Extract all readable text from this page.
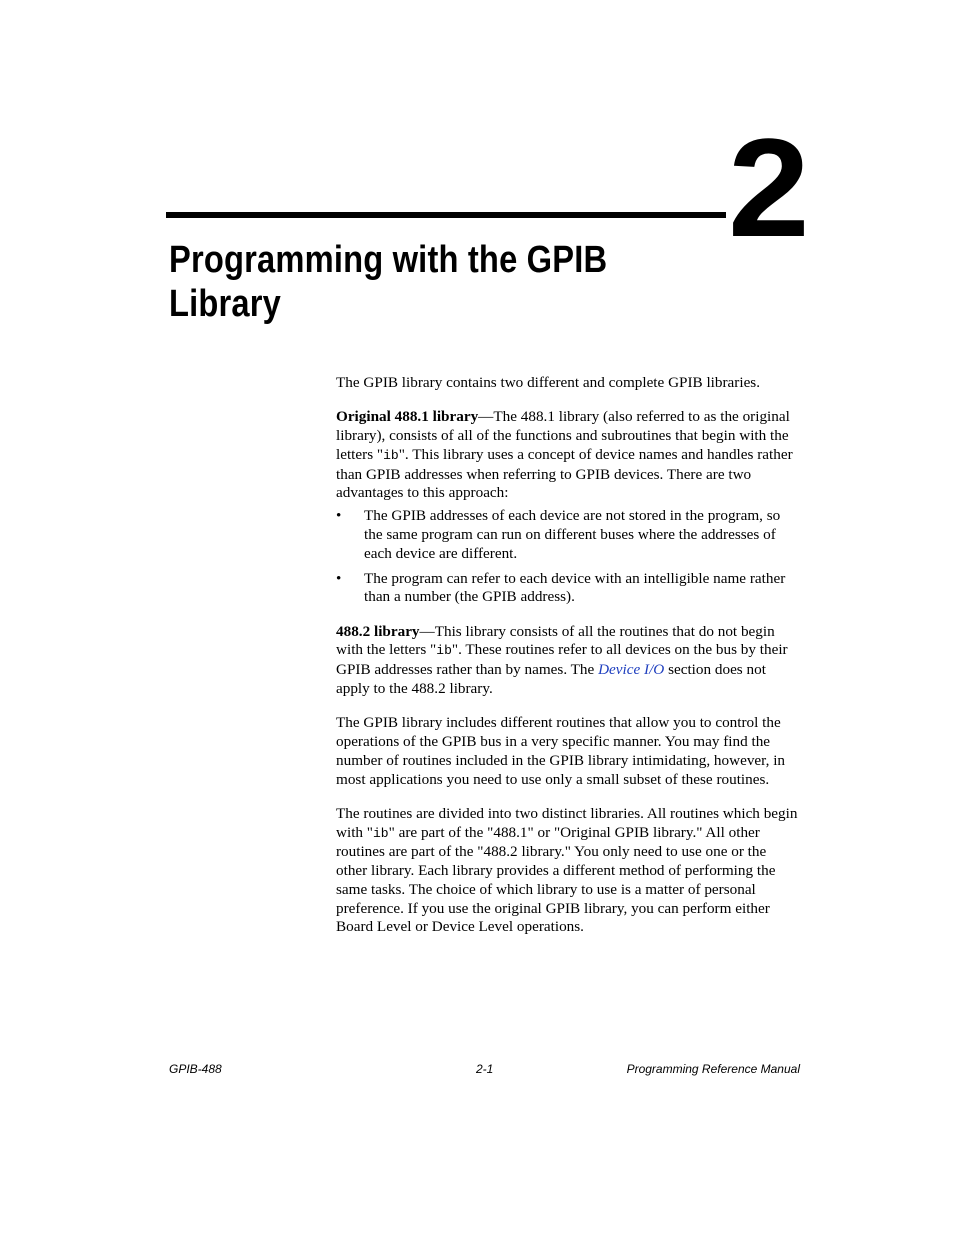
2
Programming with the GPIB Library

The GPIB library contains two different and complete GPIB libraries.

Original 488.1 library—The 488.1 library (also referred to as the original library), consists of all of the functions and subroutines that begin with the letters "ib". This library uses a concept of device names and handles rather than GPIB addresses when referring to GPIB devices. There are two advantages to this approach:

• The GPIB addresses of each device are not stored in the program, so the same program can run on different buses where the addresses of each device are different.
• The program can refer to each device with an intelligible name rather than a number (the GPIB address).

488.2 library—This library consists of all the routines that do not begin with the letters "ib". These routines refer to all devices on the bus by their GPIB addresses rather than by names. The Device I/O section does not apply to the 488.2 library.

The GPIB library includes different routines that allow you to control the operations of the GPIB bus in a very specific manner. You may find the number of routines included in the GPIB library intimidating, however, in most applications you need to use only a small subset of these routines.

The routines are divided into two distinct libraries. All routines which begin with "ib" are part of the "488.1" or "Original GPIB library." All other routines are part of the "488.2 library." You only need to use one or the other library. Each library provides a different method of performing the same tasks. The choice of which library to use is a matter of personal preference. If you use the original GPIB library, you can perform either Board Level or Device Level operations.

GPIB-488	2-1	Programming Reference Manual
